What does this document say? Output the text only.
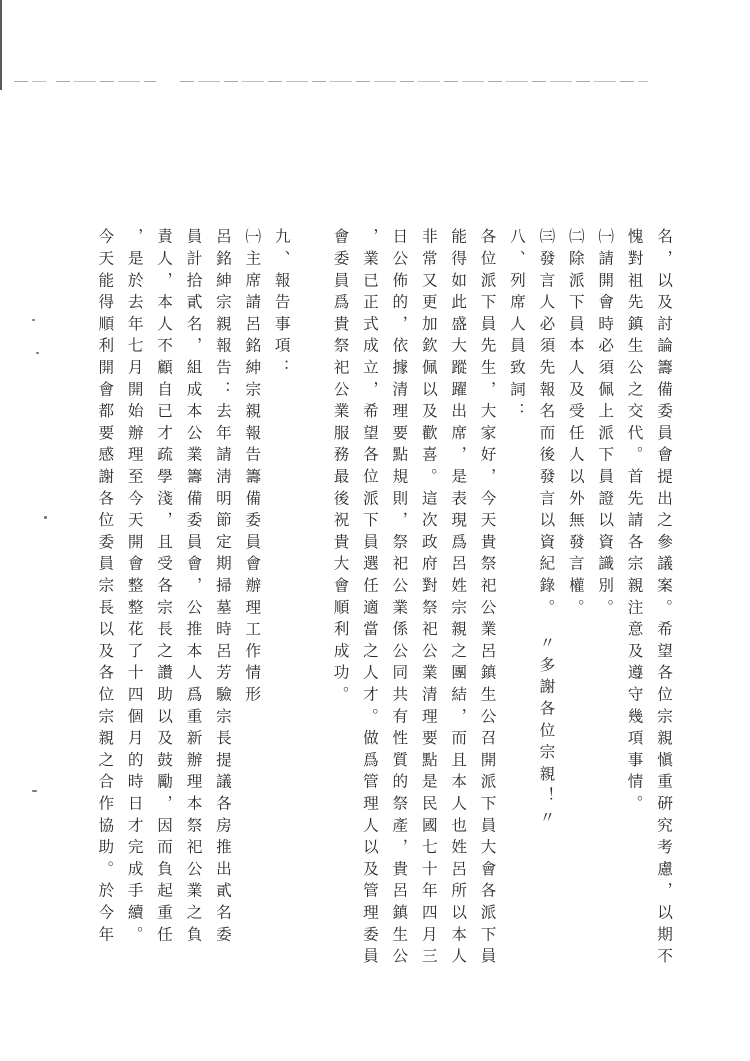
名，以及討論籌備委員會提出之參議案。希望各位宗親愼重硏究考慮，以期不
愧對祖先鎮生公之交代。首先請各宗親注意及遵守幾項事情。
㈠請開會時必須佩上派下員證以資識別。
㈡除派下員本人及受任人以外無發言權。
㈢發言人必須先報名而後發言以資紀錄。　〃多謝各位宗親！〃
八、列席人員致詞：
各位派下員先生，大家好，今天貴祭祀公業呂鎮生公召開派下員大會各派下員
能得如此盛大蹤躍出席，是表現爲呂姓宗親之團結，而且本人也姓呂所以本人
非常又更加欽佩以及歡喜。這次政府對祭祀公業清理要點是民國七十年四月三
日公佈的，依據清理要點規則，祭祀公業係公同共有性質的祭產，貴呂鎮生公
，業已正式成立，希望各位派下員選任適當之人才。做爲管理人以及管理委員
會委員爲貴祭祀公業服務最後祝貴大會順利成功。
九、報告事項：
㈠主席請呂銘紳宗親報告籌備委員會辦理工作情形
呂銘紳宗親報告：去年請淸明節定期掃墓時呂芳驗宗長提議各房推出貳名委
員計拾貳名，組成本公業籌備委員會，公推本人爲重新辦理本祭祀公業之負
責人，本人不顧自已才疏學淺，且受各宗長之讚助以及鼓勵，因而負起重任
，是於去年七月開始辦理至今天開會整整花了十四個月的時日才完成手續。
今天能得順利開會都要感謝各位委員宗長以及各位宗親之合作協助。於今年
